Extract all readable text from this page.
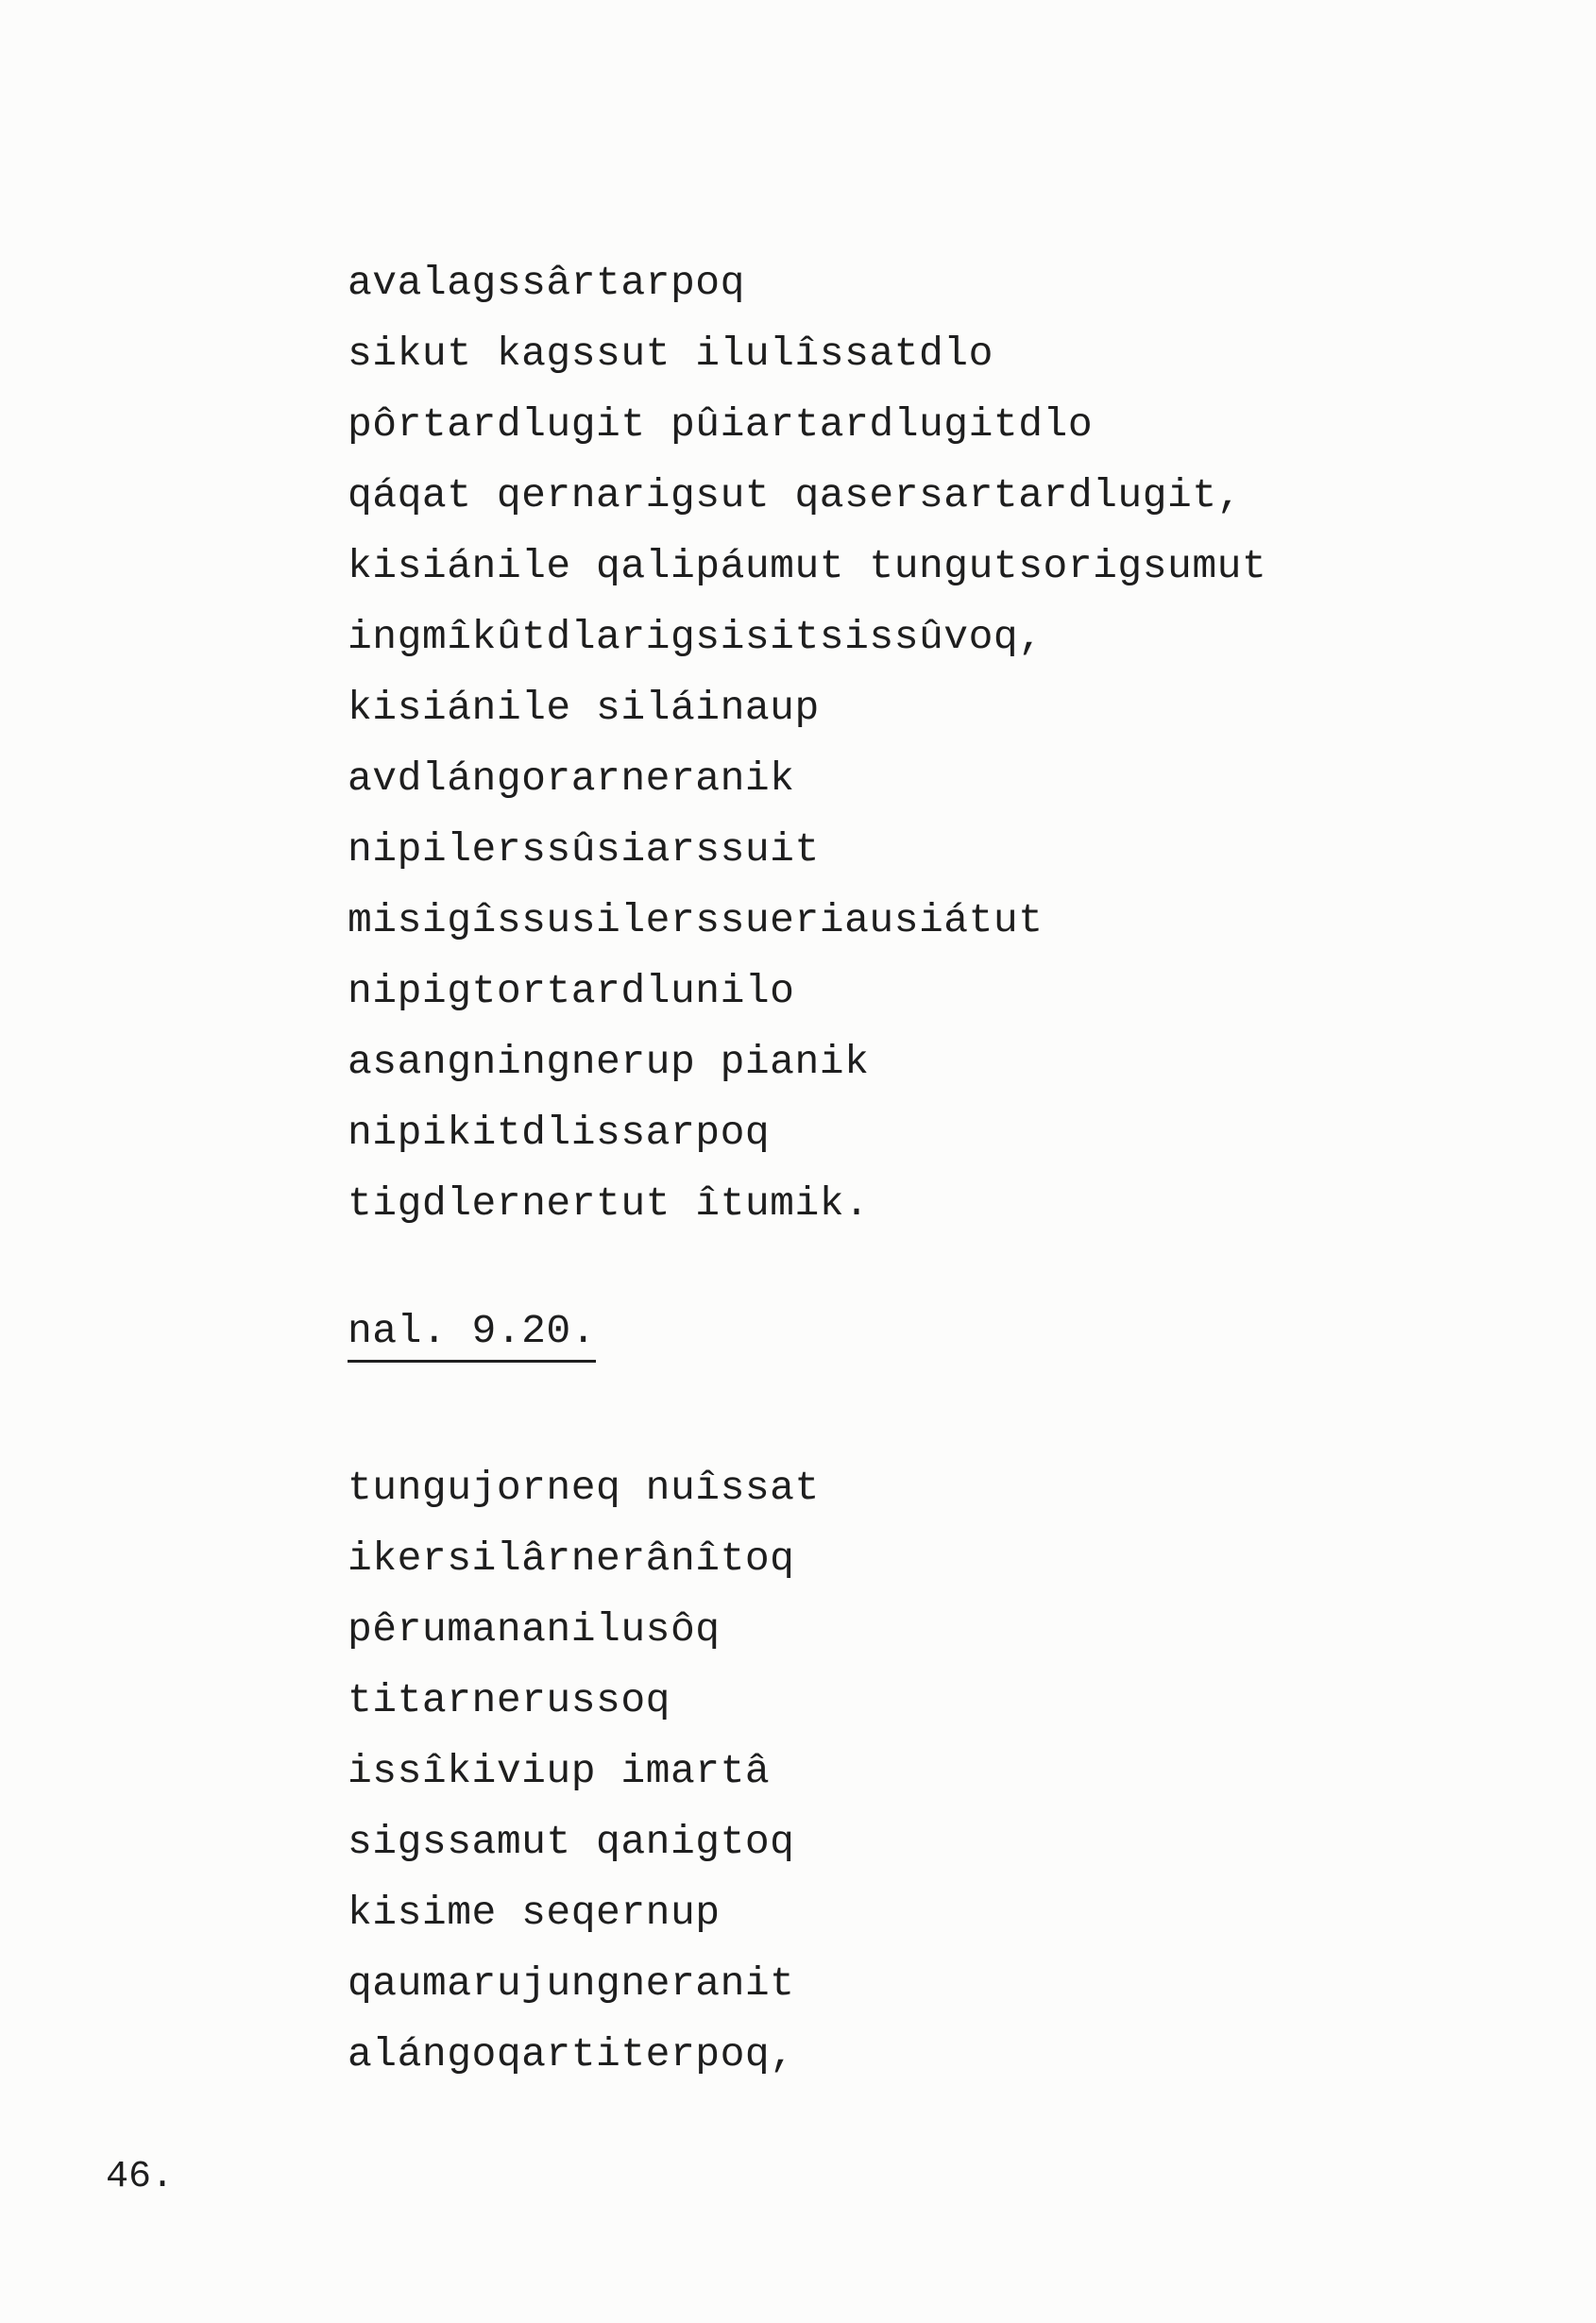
avalagssârtarpoq
sikut kagssut ilulîssatdlo
pôrtardlugit pûiartardlugitdlo
qáqat qernarigsut qasersartardlugit,
kisiánile qalipáumut tungutsorigsumut
ingmîkûtdlarigsisitsissûvoq,
kisiánile siláinaup
avdlángorarneranik
nipilerssûsiarssuit
misigîssusilerssueriausiátut
nipigtortardlunilo
asangningnerup pianik
nipikitdlissarpoq
tigdlernertut îtumik.
nal. 9.20.
tungujorneq nuîssat
ikersilârnerânîtoq
pêrumananilusôq
titarnerussoq
issîkiviup imartâ
sigssamut qanigtoq
kisime seqernup
qaumarujungneranit
alángoqartiterpoq,
46.
